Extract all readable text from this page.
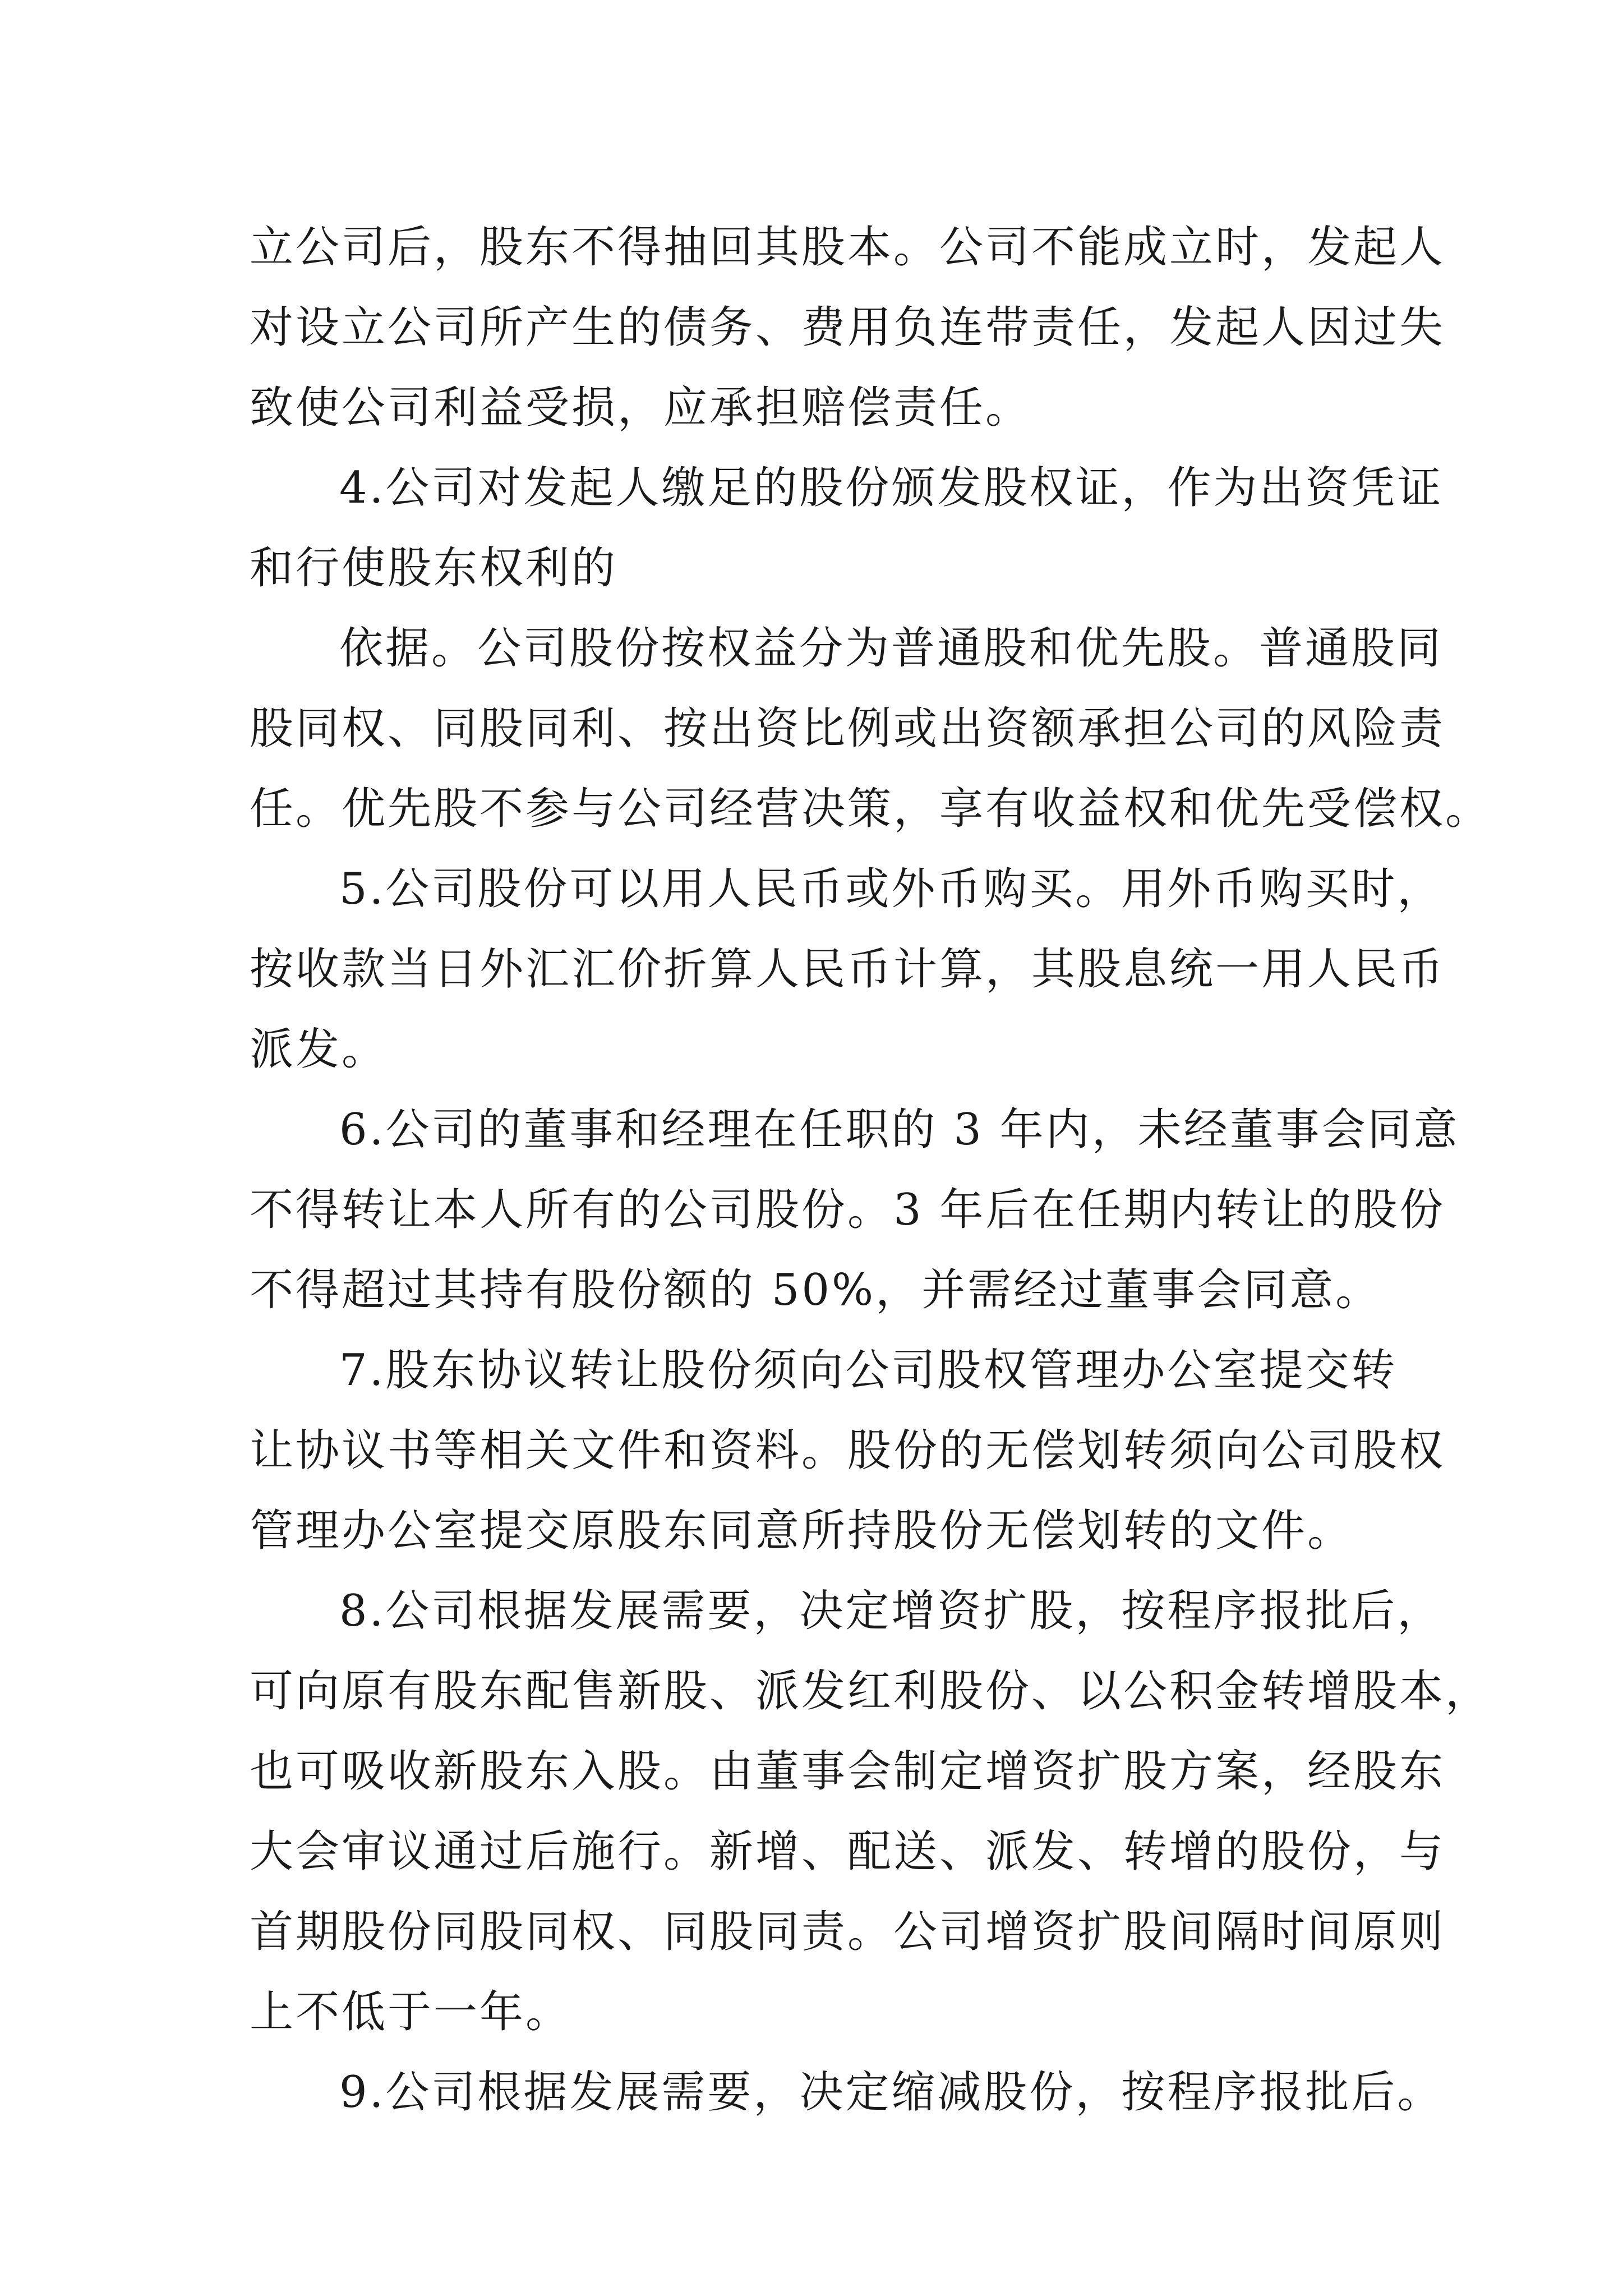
立公司后，股东不得抽回其股本。公司不能成立时，发起人
对设立公司所产生的债务、费用负连带责任，发起人因过失
致使公司利益受损，应承担赔偿责任。
4.公司对发起人缴足的股份颁发股权证，作为出资凭证
和行使股东权利的
依据。公司股份按权益分为普通股和优先股。普通股同
股同权、同股同利、按出资比例或出资额承担公司的风险责
任。优先股不参与公司经营决策，享有收益权和优先受偿权。
5.公司股份可以用人民币或外币购买。用外币购买时，
按收款当日外汇汇价折算人民币计算，其股息统一用人民币
派发。
6.公司的董事和经理在任职的 3 年内，未经董事会同意
不得转让本人所有的公司股份。3 年后在任期内转让的股份
不得超过其持有股份额的 50%，并需经过董事会同意。
7.股东协议转让股份须向公司股权管理办公室提交转
让协议书等相关文件和资料。股份的无偿划转须向公司股权
管理办公室提交原股东同意所持股份无偿划转的文件。
8.公司根据发展需要，决定增资扩股，按程序报批后，
可向原有股东配售新股、派发红利股份、以公积金转增股本，
也可吸收新股东入股。由董事会制定增资扩股方案，经股东
大会审议通过后施行。新增、配送、派发、转增的股份，与
首期股份同股同权、同股同责。公司增资扩股间隔时间原则
上不低于一年。
9.公司根据发展需要，决定缩减股份，按程序报批后。
